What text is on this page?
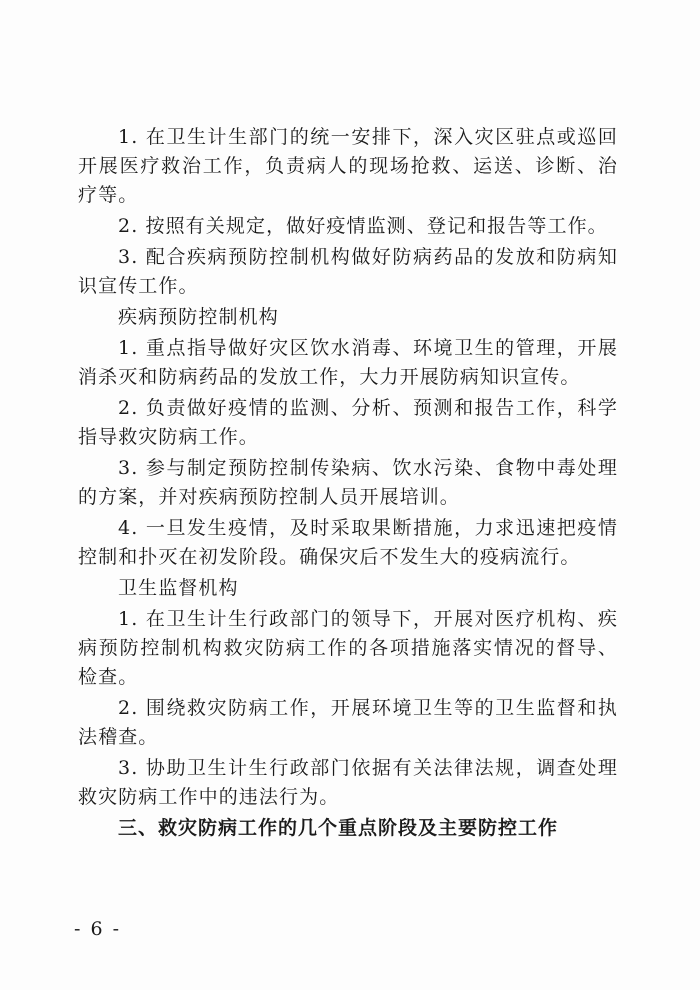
1. 在卫生计生部门的统一安排下，深入灾区驻点或巡回开展医疗救治工作，负责病人的现场抢救、运送、诊断、治疗等。

2. 按照有关规定，做好疫情监测、登记和报告等工作。

3. 配合疾病预防控制机构做好防病药品的发放和防病知识宣传工作。

疾病预防控制机构

1. 重点指导做好灾区饮水消毒、环境卫生的管理，开展消杀灭和防病药品的发放工作，大力开展防病知识宣传。

2. 负责做好疫情的监测、分析、预测和报告工作，科学指导救灾防病工作。

3. 参与制定预防控制传染病、饮水污染、食物中毒处理的方案，并对疾病预防控制人员开展培训。

4. 一旦发生疫情，及时采取果断措施，力求迅速把疫情控制和扑灭在初发阶段。确保灾后不发生大的疫病流行。

卫生监督机构

1. 在卫生计生行政部门的领导下，开展对医疗机构、疾病预防控制机构救灾防病工作的各项措施落实情况的督导、检查。

2. 围绕救灾防病工作，开展环境卫生等的卫生监督和执法稽查。

3. 协助卫生计生行政部门依据有关法律法规，调查处理救灾防病工作中的违法行为。

三、救灾防病工作的几个重点阶段及主要防控工作

- 6 -
